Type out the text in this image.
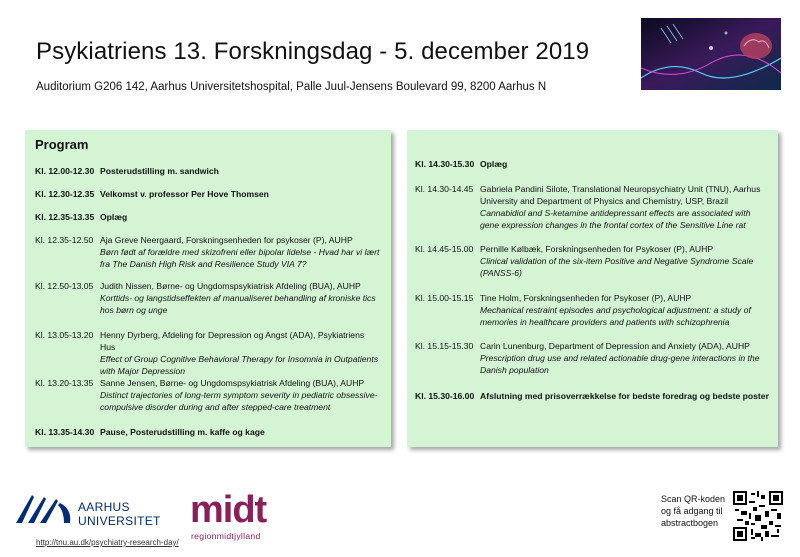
Psykiatriens 13. Forskningsdag - 5. december 2019
Auditorium G206 142, Aarhus Universitetshospital, Palle Juul-Jensens Boulevard 99, 8200 Aarhus N
Program
Kl. 12.00-12.30 Posterudstilling m. sandwich
Kl. 12.30-12.35 Velkomst v. professor Per Hove Thomsen
Kl. 12.35-13.35 Oplæg
Kl. 12.35-12.50 Aja Greve Neergaard, Forskningsenheden for psykoser (P), AUHP
Børn født af forældre med skizofreni eller bipolar lidelse - Hvad har vi lært fra The Danish High Risk and Resilience Study VIA 7?
Kl. 12.50-13.05 Judith Nissen, Børne- og Ungdomspsykiatrisk Afdeling (BUA), AUHP
Korttids- og langstidseffekten af manualiseret behandling af kroniske tics hos børn og unge
Kl. 13.05-13.20 Henny Dyrberg, Afdeling for Depression og Angst (ADA), Psykiatriens Hus
Effect of Group Cognitive Behavioral Therapy for Insomnia in Outpatients with Major Depression
Kl. 13.20-13.35 Sanne Jensen, Børne- og Ungdomspsykiatrisk Afdeling (BUA), AUHP
Distinct trajectories of long-term symptom severity in pediatric obsessive-compulsive disorder during and after stepped-care treatment
Kl. 13.35-14.30 Pause, Posterudstilling m. kaffe og kage
Kl. 14.30-15.30 Oplæg
Kl. 14.30-14.45 Gabriela Pandini Silote, Translational Neuropsychiatry Unit (TNU), Aarhus University and Department of Physics and Chemistry, USP, Brazil
Cannabidiol and S-ketamine antidepressant effects are associated with gene expression changes in the frontal cortex of the Sensitive Line rat
Kl. 14.45-15.00 Pernille Kølbæk, Forskningsenheden for Psykoser (P), AUHP
Clinical validation of the six-item Positive and Negative Syndrome Scale (PANSS-6)
Kl. 15.00-15.15 Tine Holm, Forskningsenheden for Psykoser (P), AUHP
Mechanical restraint episodes and psychological adjustment: a study of memories in healthcare providers and patients with schizophrenia
Kl. 15.15-15.30 Carin Lunenburg, Department of Depression and Anxiety (ADA), AUHP
Prescription drug use and related actionable drug-gene interactions in the Danish population
Kl. 15.30-16.00 Afslutning med prisoverrækkelse for bedste foredrag og bedste poster
AARHUS
UNIVERSITET midt
regionmidtjylland
http://tnu.au.dk/psychiatry-research-day/
Scan QR-koden
og få adgang til
abstractbogen
